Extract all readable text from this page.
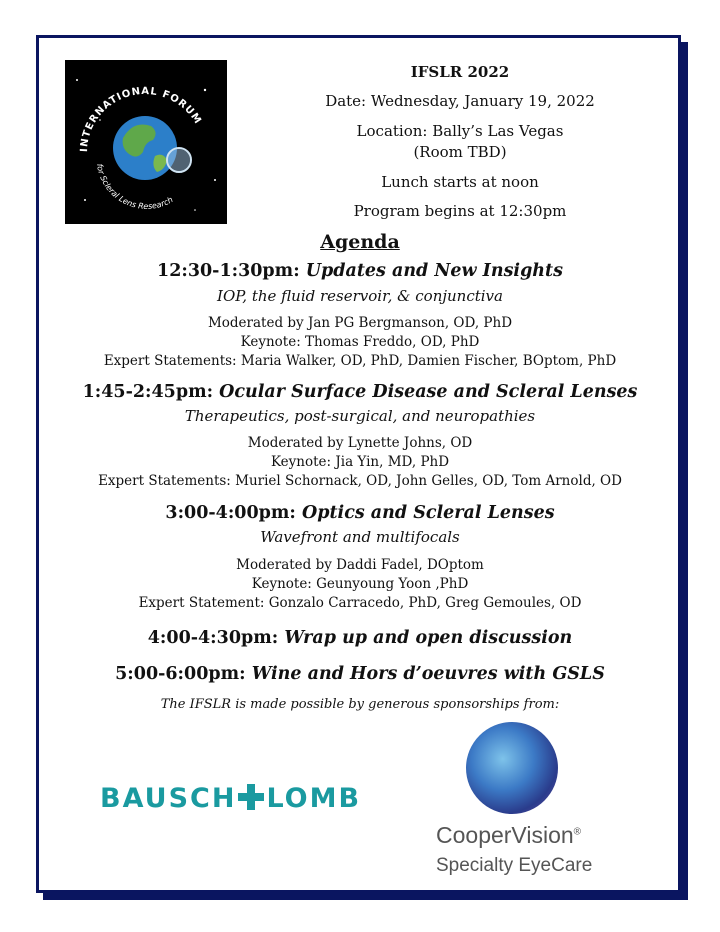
INTERNATIONAL FORUM
for Scleral Lens Research
IFSLR 2022
Date: Wednesday, January 19, 2022
Location: Bally’s Las Vegas
(Room TBD)
Lunch starts at noon
Program begins at 12:30pm
Agenda
12:30-1:30pm: Updates and New Insights
IOP, the fluid reservoir, & conjunctiva
Moderated by Jan PG Bergmanson, OD, PhD
Keynote: Thomas Freddo, OD, PhD
Expert Statements: Maria Walker, OD, PhD, Damien Fischer, BOptom, PhD
1:45-2:45pm: Ocular Surface Disease and Scleral Lenses
Therapeutics, post-surgical, and neuropathies
Moderated by Lynette Johns, OD
Keynote: Jia Yin, MD, PhD
Expert Statements: Muriel Schornack, OD, John Gelles, OD, Tom Arnold, OD
3:00-4:00pm: Optics and Scleral Lenses
Wavefront and multifocals
Moderated by Daddi Fadel, DOptom
Keynote: Geunyoung Yoon ,PhD
Expert Statement: Gonzalo Carracedo, PhD, Greg Gemoules, OD
4:00-4:30pm: Wrap up and open discussion
5:00-6:00pm: Wine and Hors d’oeuvres with GSLS
The IFSLR is made possible by generous sponsorships from:
BAUSCH LOMB
CooperVision®
Specialty EyeCare
